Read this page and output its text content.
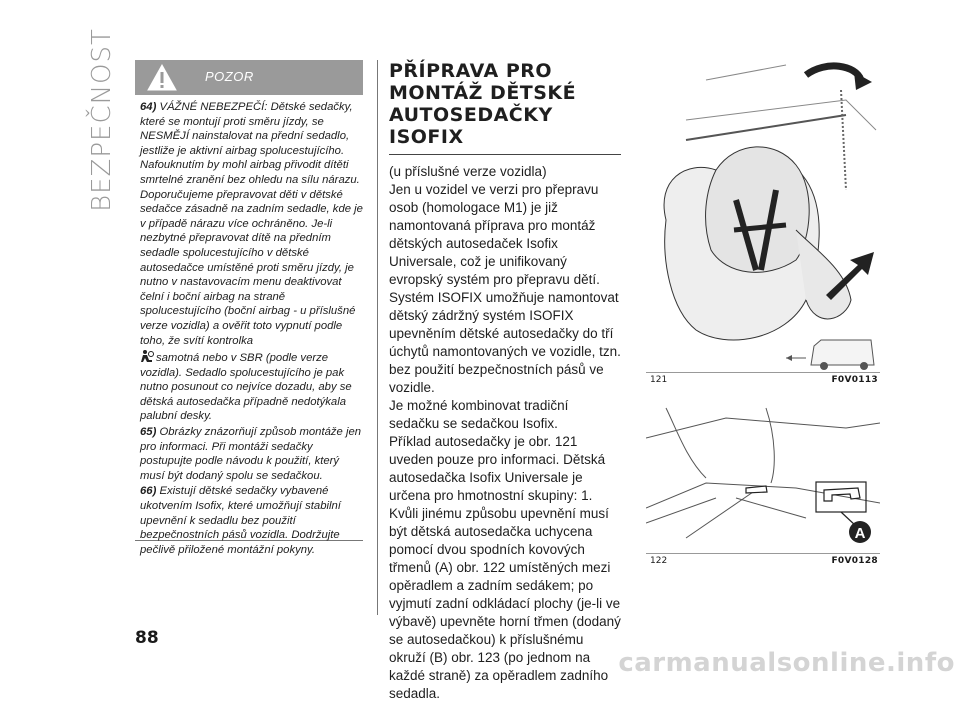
BEZPEČNOST	POZOR

64) VÁŽNÉ NEBEZPEČÍ: Dětské sedačky, které se montují proti směru jízdy, se NESMĚJÍ nainstalovat na přední sedadlo, jestliže je aktivní airbag spolucestujícího. Nafouknutím by mohl airbag přivodit dítěti smrtelné zranění bez ohledu na sílu nárazu. Doporučujeme přepravovat děti v dětské sedačce zásadně na zadním sedadle, kde je v případě nárazu více ochráněno. Je-li nezbytné přepravovat dítě na předním sedadle spolucestujícího v dětské autosedačce umístěné proti směru jízdy, je nutno v nastavovacím menu deaktivovat čelní i boční airbag na straně spolucestujícího (boční airbag - u příslušné verze vozidla) a ověřit toto vypnutí podle toho, že svítí kontrolka

samotná nebo v SBR (podle verze vozidla). Sedadlo spolucestujícího je pak nutno posunout co nejvíce dozadu, aby se dětská autosedačka případně nedotýkala palubní desky.

65) Obrázky znázorňují způsob montáže jen pro informaci. Při montáži sedačky postupujte podle návodu k použití, který musí být dodaný spolu se sedačkou.

66) Existují dětské sedačky vybavené ukotvením Isofix, které umožňují stabilní upevnění k sedadlu bez použití bezpečnostních pásů vozidla. Dodržujte pečlivě přiložené montážní pokyny.

PŘÍPRAVA PRO
MONTÁŽ DĚTSKÉ
AUTOSEDAČKY
ISOFIX

(u příslušné verze vozidla)

Jen u vozidel ve verzi pro přepravu osob (homologace M1) je již namontovaná příprava pro montáž dětských autosedaček Isofix Universale, což je unifikovaný evropský systém pro přepravu dětí.

Systém ISOFIX umožňuje namontovat dětský zádržný systém ISOFIX upevněním dětské autosedačky do tří úchytů namontovaných ve vozidle, tzn. bez použití bezpečnostních pásů ve vozidle.

Je možné kombinovat tradiční sedačku se sedačkou Isofix.

Příklad autosedačky je obr. 121 uveden pouze pro informaci. Dětská autosedačka Isofix Universale je určena pro hmotnostní skupiny: 1.

Kvůli jinému způsobu upevnění musí být dětská autosedačka uchycena pomocí dvou spodních kovových třmenů (A) obr. 122 umístěných mezi opěradlem a zadním sedákem; po vyjmutí zadní odkládací plochy (je-li ve výbavě) upevněte horní třmen (dodaný se autosedačkou) k příslušnému okruží (B) obr. 123 (po jednom na každé straně) za opěradlem zadního sedadla.

121	F0V0113
A
122	F0V0128
88
carmanualsonline.info
